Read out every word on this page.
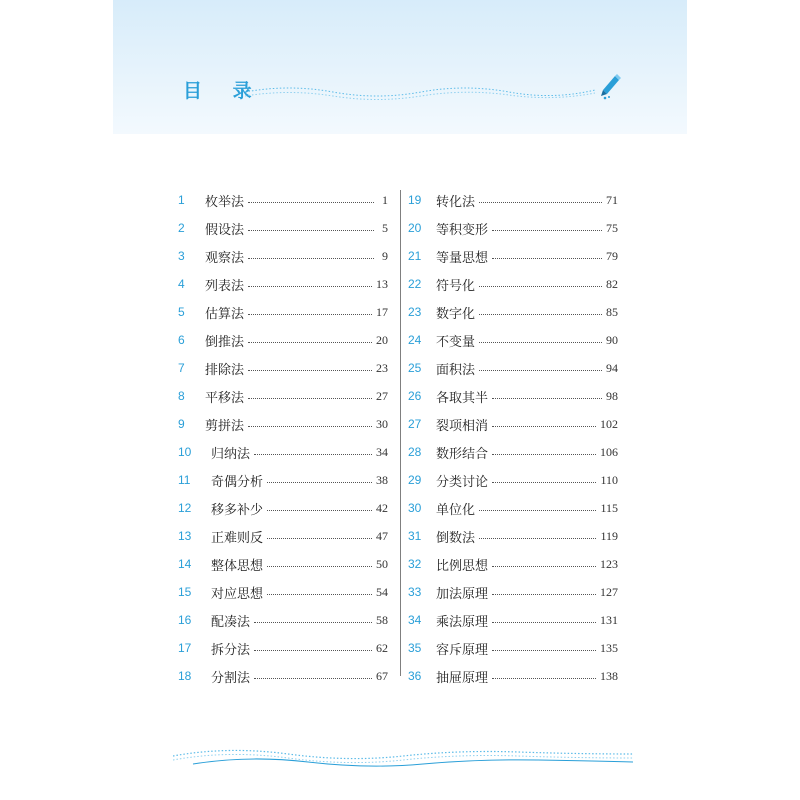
目 录
1	枚举法	1
2	假设法	5
3	观察法	9
4	列表法	13
5	估算法	17
6	倒推法	20
7	排除法	23
8	平移法	27
9	剪拼法	30
10	归纳法	34
11	奇偶分析	38
12	移多补少	42
13	正难则反	47
14	整体思想	50
15	对应思想	54
16	配凑法	58
17	拆分法	62
18	分割法	67
19	转化法	71
20	等积变形	75
21	等量思想	79
22	符号化	82
23	数字化	85
24	不变量	90
25	面积法	94
26	各取其半	98
27	裂项相消	102
28	数形结合	106
29	分类讨论	110
30	单位化	115
31	倒数法	119
32	比例思想	123
33	加法原理	127
34	乘法原理	131
35	容斥原理	135
36	抽屉原理	138
